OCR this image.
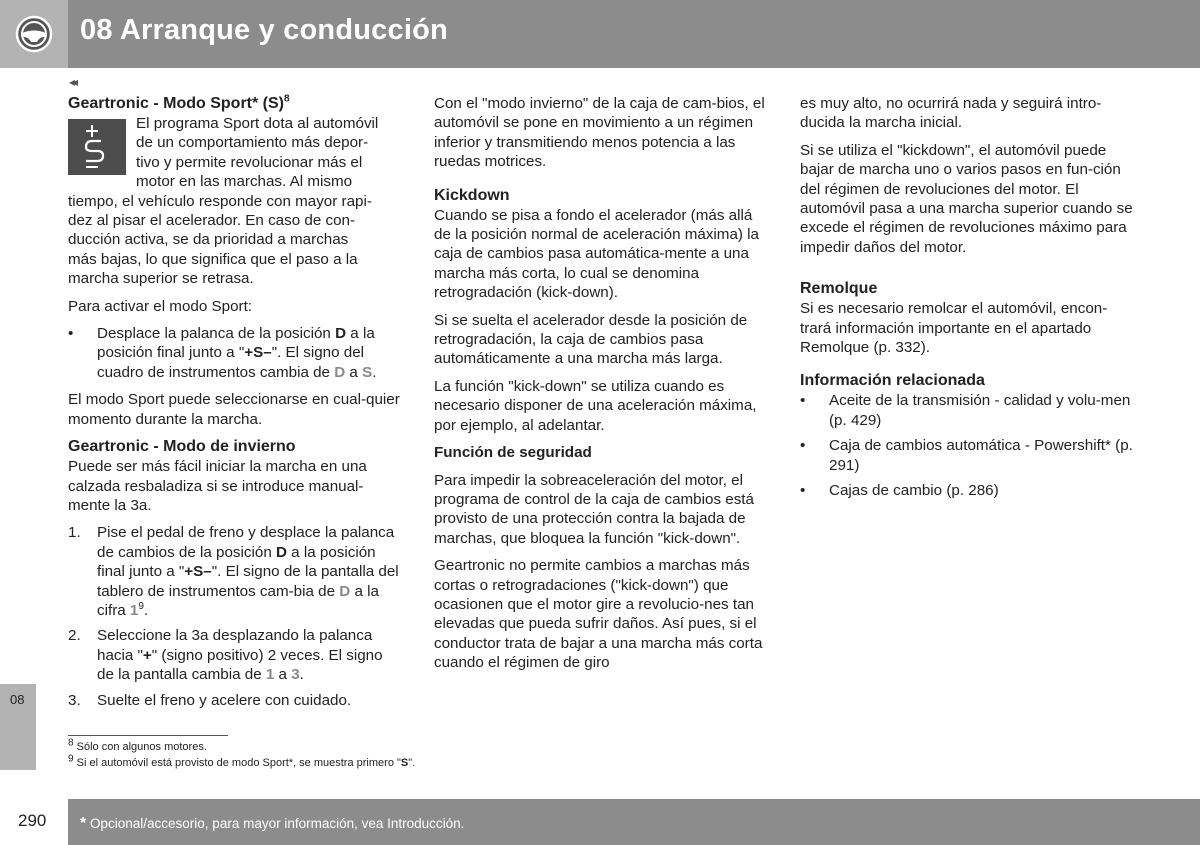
08 Arranque y conducción
◂◂
Geartronic - Modo Sport* $(S)^8$

El programa Sport dota al automóvil
de un comportamiento más depor-
tivo y permite revolucionar más el
motor en las marchas. Al mismo
tiempo, el vehículo responde con mayor rapi-
dez al pisar el acelerador. En caso de con-
ducción activa, se da prioridad a marchas
más bajas, lo que significa que el paso a la
marcha superior se retrasa.

Para activar el modo Sport:

• Desplace la palanca de la posición D a la posición final junto a "+S–". El signo del cuadro de instrumentos cambia de D a S.

El modo Sport puede seleccionarse en cual-quier momento durante la marcha.

Geartronic - Modo de invierno

Puede ser más fácil iniciar la marcha en una calzada resbaladiza si se introduce manual-mente la 3a.

1. Pise el pedal de freno y desplace la palanca de cambios de la posición D a la posición final junto a "+S–". El signo de la pantalla del tablero de instrumentos cam-bia de D a la cifra $1^9$.
2. Seleccione la 3a desplazando la palanca hacia "+" (signo positivo) 2 veces. El signo de la pantalla cambia de 1 a 3.
3. Suelte el freno y acelere con cuidado.

Con el "modo invierno" de la caja de cam-bios, el automóvil se pone en movimiento a un régimen inferior y transmitiendo menos potencia a las ruedas motrices.

Kickdown

Cuando se pisa a fondo el acelerador (más allá de la posición normal de aceleración máxima) la caja de cambios pasa automática-mente a una marcha más corta, lo cual se denomina retrogradación (kick-down).

Si se suelta el acelerador desde la posición de retrogradación, la caja de cambios pasa automáticamente a una marcha más larga.

La función "kick-down" se utiliza cuando es necesario disponer de una aceleración máxima, por ejemplo, al adelantar.

Función de seguridad

Para impedir la sobreaceleración del motor, el programa de control de la caja de cambios está provisto de una protección contra la bajada de marchas, que bloquea la función "kick-down".

Geartronic no permite cambios a marchas más cortas o retrogradaciones ("kick-down") que ocasionen que el motor gire a revolucio-nes tan elevadas que pueda sufrir daños. Así pues, si el conductor trata de bajar a una marcha más corta cuando el régimen de giro

es muy alto, no ocurrirá nada y seguirá intro-ducida la marcha inicial.

Si se utiliza el "kickdown", el automóvil puede bajar de marcha uno o varios pasos en fun-ción del régimen de revoluciones del motor. El automóvil pasa a una marcha superior cuando se excede el régimen de revoluciones máximo para impedir daños del motor.

Remolque

Si es necesario remolcar el automóvil, encon-trará información importante en el apartado Remolque (p. 332).

Información relacionada
• Aceite de la transmisión - calidad y volu-men (p. 429)
• Caja de cambios automática - Powershift* (p. 291)
• Cajas de cambio (p. 286)
08
$^8$ Sólo con algunos motores.
$^9$ Si el automóvil está provisto de modo Sport*, se muestra primero "S".
290 * Opcional/accesorio, para mayor información, vea Introducción.
